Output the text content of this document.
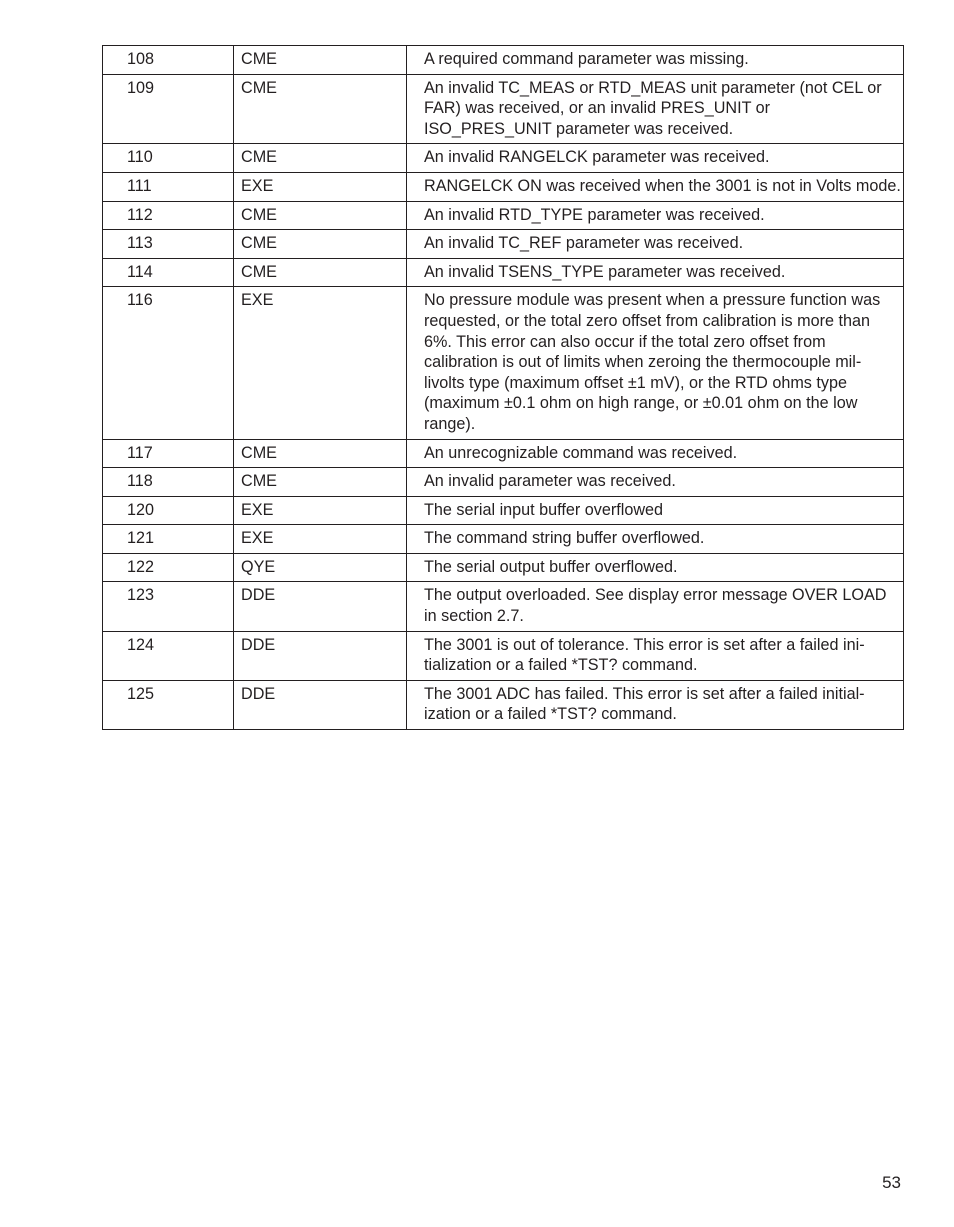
108	CME	A required command parameter was missing.
109	CME	An invalid TC_MEAS or RTD_MEAS unit parameter (not CEL or FAR) was received, or an invalid PRES_UNIT or ISO_PRES_UNIT parameter was received.
110	CME	An invalid RANGELCK parameter was received.
111	EXE	RANGELCK ON was received when the 3001 is not in Volts mode.
112	CME	An invalid RTD_TYPE parameter was received.
113	CME	An invalid TC_REF parameter was received.
114	CME	An invalid TSENS_TYPE parameter was received.
116	EXE	No pressure module was present when a pressure function was requested, or the total zero offset from calibration is more than 6%. This error can also occur if the total zero offset from calibration is out of limits when zeroing the thermocouple mil-livolts type (maximum offset ±1 mV), or the RTD ohms type (maximum ±0.1 ohm on high range, or ±0.01 ohm on the low range).
117	CME	An unrecognizable command was received.
118	CME	An invalid parameter was received.
120	EXE	The serial input buffer overflowed
121	EXE	The command string buffer overflowed.
122	QYE	The serial output buffer overflowed.
123	DDE	The output overloaded. See display error message OVER LOAD in section 2.7.
124	DDE	The 3001 is out of tolerance. This error is set after a failed ini-tialization or a failed *TST? command.
125	DDE	The 3001 ADC has failed. This error is set after a failed initial-ization or a failed *TST? command.
53
